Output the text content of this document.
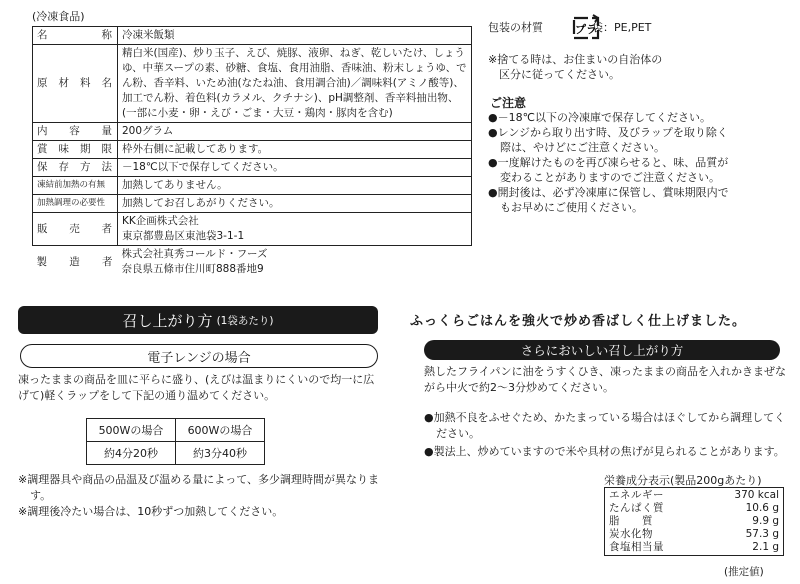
(冷凍食品)
名　　　称	冷凍米飯類
原 材 料 名	精白米(国産)、炒り玉子、えび、焼豚、液卵、ねぎ、乾しいたけ、しょうゆ、中華スープの素、砂糖、食塩、食用油脂、香味油、粉末しょうゆ、でん粉、香辛料、いため油(なたね油、食用調合油)／調味料(アミノ酸等)、加工でん粉、着色料(カラメル、クチナシ)、pH調整剤、香辛料抽出物、(一部に小麦・卵・えび・ごま・大豆・鶏肉・豚肉を含む)
内 容 量	200グラム
賞 味 期 限	枠外右側に記載してあります。
保 存 方 法	－18℃以下で保存してください。
凍結前加熱の有無	加熱してありません。
加熱調理の必要性	加熱してお召しあがりください。
販 売 者	KK企画株式会社
東京都豊島区東池袋3-1-1
製 造 者	株式会社真秀コールド・フーズ
奈良県五條市住川町888番地9
包装の材質	袋：PE,PET
プラ
※捨てる時は、お住まいの自治体の
　区分に従ってください。
ご注意
●－18℃以下の冷凍庫で保存してください。
●レンジから取り出す時、及びラップを取り除く際は、やけどにご注意ください。
●一度解けたものを再び凍らせると、味、品質が変わることがありますのでご注意ください。
●開封後は、必ず冷凍庫に保管し、賞味期限内でもお早めにご使用ください。
召し上がり方 (1袋あたり)	ふっくらごはんを強火で炒め香ばしく仕上げました。
電子レンジの場合
凍ったままの商品を皿に平らに盛り、(えびは温まりにくいので均一に広げて)軽くラップをして下記の通り温めてください。
500Wの場合	600Wの場合
約4分20秒	約3分40秒
※調理器具や商品の品温及び温める量によって、多少調理時間が異なります。
※調理後冷たい場合は、10秒ずつ加熱してください。
さらにおいしい召し上がり方
熱したフライパンに油をうすくひき、凍ったままの商品を入れかきまぜながら中火で約2～3分炒めてください。
●加熱不良をふせぐため、かたまっている場合はほぐしてから調理してください。
●製法上、炒めていますので米や具材の焦げが見られることがあります。
栄養成分表示(製品200gあたり)
エネルギー	370 kcal
たんぱく質	10.6 g
脂　　質	9.9 g
炭水化物	57.3 g
食塩相当量	2.1 g
(推定値)
